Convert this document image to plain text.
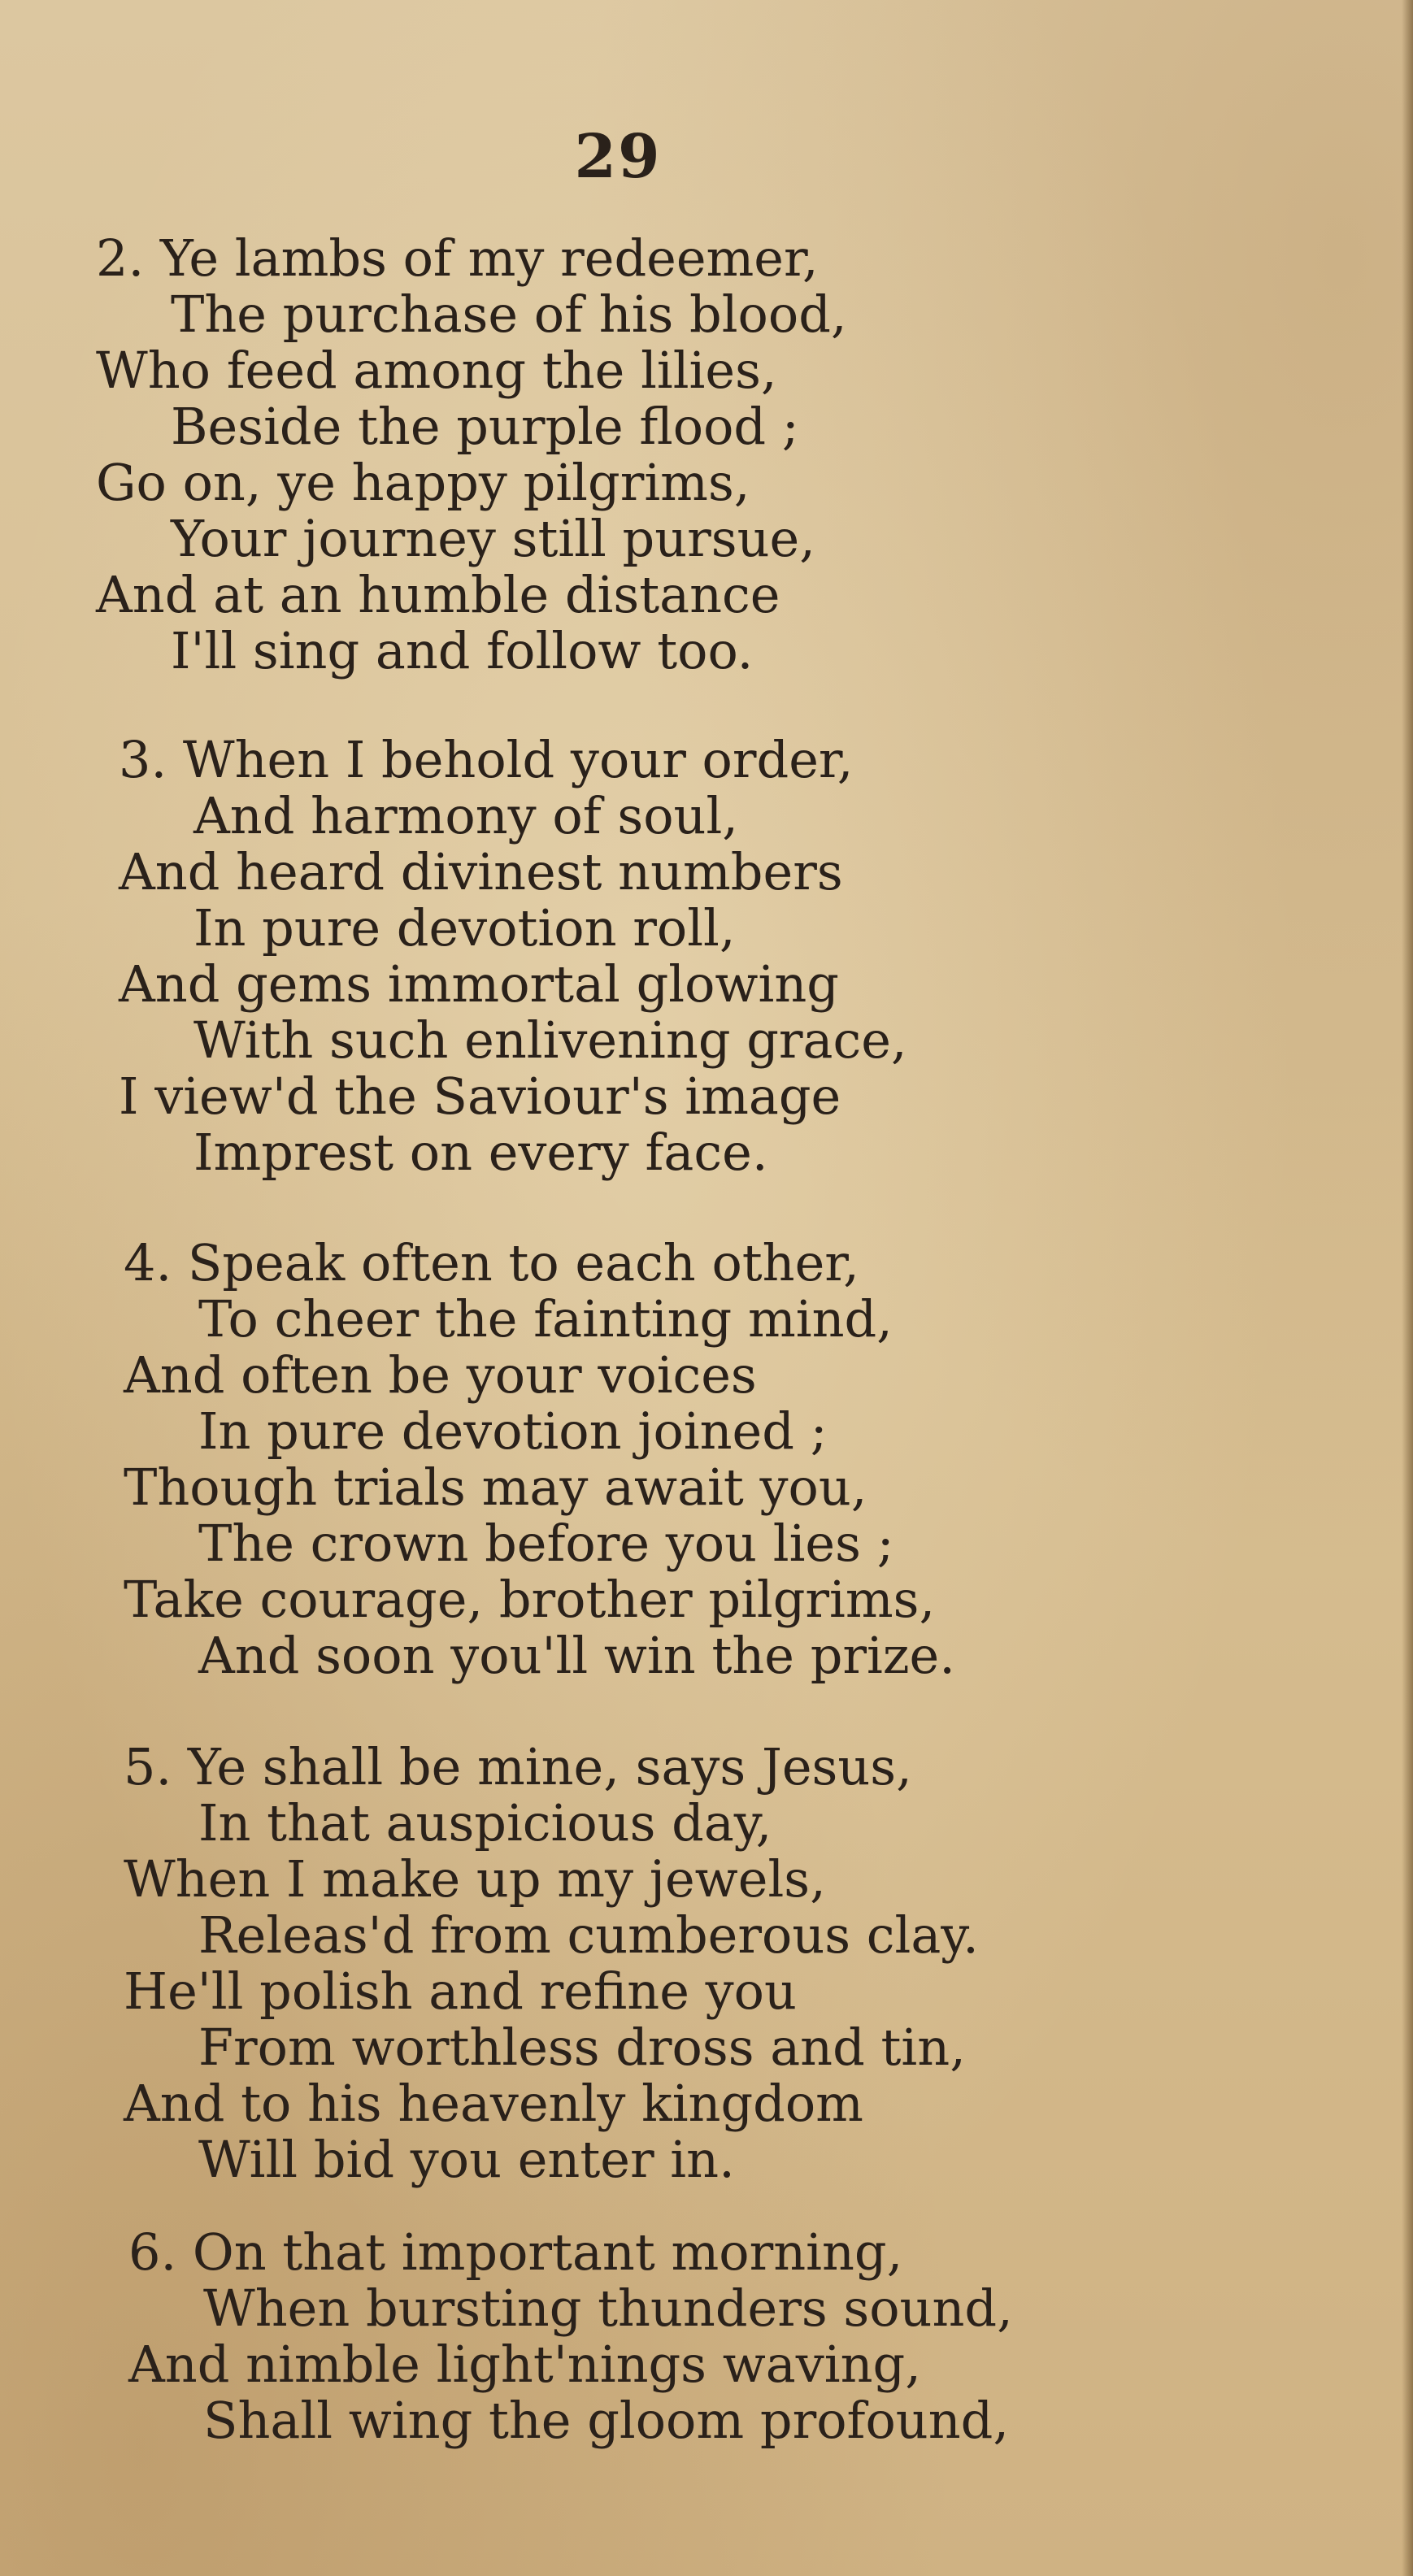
29
2. Ye lambs of my redeemer,
The purchase of his blood,
Who feed among the lilies,
Beside the purple flood ;
Go on, ye happy pilgrims,
Your journey still pursue,
And at an humble distance
I'll sing and follow too.
3. When I behold your order,
And harmony of soul,
And heard divinest numbers
In pure devotion roll,
And gems immortal glowing
With such enlivening grace,
I view'd the Saviour's image
Imprest on every face.
4. Speak often to each other,
To cheer the fainting mind,
And often be your voices
In pure devotion joined ;
Though trials may await you,
The crown before you lies ;
Take courage, brother pilgrims,
And soon you'll win the prize.
5. Ye shall be mine, says Jesus,
In that auspicious day,
When I make up my jewels,
Releas'd from cumberous clay.
He'll polish and refine you
From worthless dross and tin,
And to his heavenly kingdom
Will bid you enter in.
6. On that important morning,
When bursting thunders sound,
And nimble light'nings waving,
Shall wing the gloom profound,
